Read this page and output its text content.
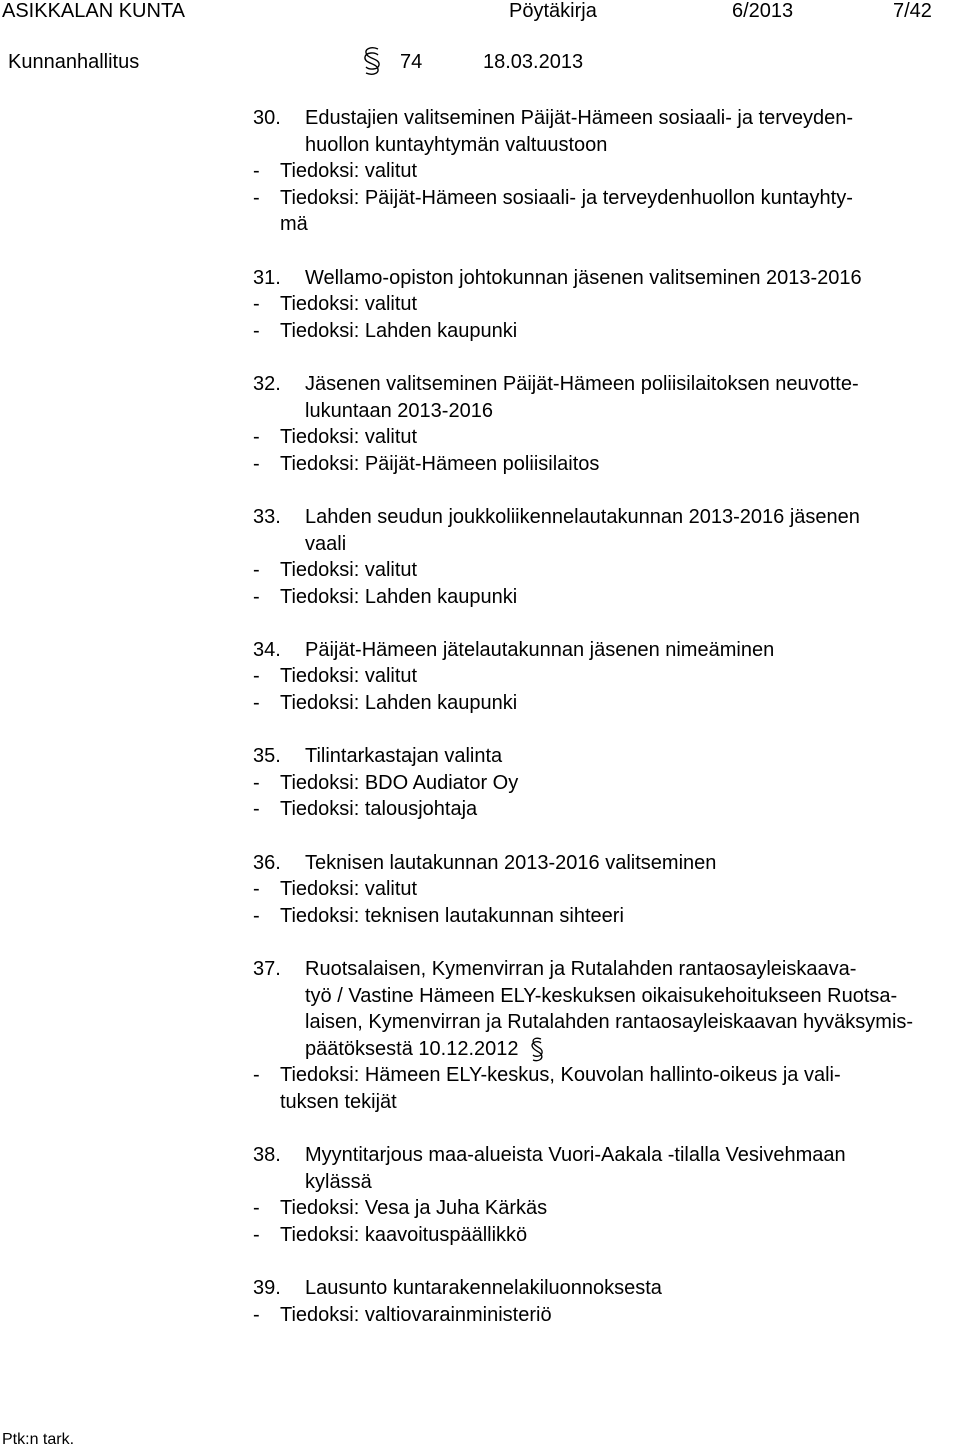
ASIKKALAN KUNTA	Pöytäkirja	6/2013	7/42
Kunnanhallitus	74	18.03.2013
30.	Edustajien valitseminen Päijät-Hämeen sosiaali- ja terveyden-
huollon kuntayhtymän valtuustoon
-	Tiedoksi: valitut
-	Tiedoksi: Päijät-Hämeen sosiaali- ja terveydenhuollon kuntayhty-
mä
31.	Wellamo-opiston johtokunnan jäsenen valitseminen 2013-2016
-	Tiedoksi: valitut
-	Tiedoksi: Lahden kaupunki
32.	Jäsenen valitseminen Päijät-Hämeen poliisilaitoksen neuvotte-
lukuntaan 2013-2016
-	Tiedoksi: valitut
-	Tiedoksi: Päijät-Hämeen poliisilaitos
33.	Lahden seudun joukkoliikennelautakunnan 2013-2016 jäsenen
vaali
-	Tiedoksi: valitut
-	Tiedoksi: Lahden kaupunki
34.	Päijät-Hämeen jätelautakunnan jäsenen nimeäminen
-	Tiedoksi: valitut
-	Tiedoksi: Lahden kaupunki
35.	Tilintarkastajan valinta
-	Tiedoksi: BDO Audiator Oy
-	Tiedoksi: talousjohtaja
36.	Teknisen lautakunnan 2013-2016 valitseminen
-	Tiedoksi: valitut
-	Tiedoksi: teknisen lautakunnan sihteeri
37.	Ruotsalaisen, Kymenvirran ja Rutalahden rantaosayleiskaava-
työ / Vastine Hämeen ELY-keskuksen oikaisukehoitukseen Ruotsa-
laisen, Kymenvirran ja Rutalahden rantaosayleiskaavan hyväksymis-
päätöksestä 10.12.2012
-	Tiedoksi: Hämeen ELY-keskus, Kouvolan hallinto-oikeus ja vali-
tuksen tekijät
38.	Myyntitarjous maa-alueista Vuori-Aakala -tilalla Vesivehmaan
kylässä
-	Tiedoksi: Vesa ja Juha Kärkäs
-	Tiedoksi: kaavoituspäällikkö
39.	Lausunto kuntarakennelakiluonnoksesta
-	Tiedoksi: valtiovarainministeriö
Ptk:n tark.
